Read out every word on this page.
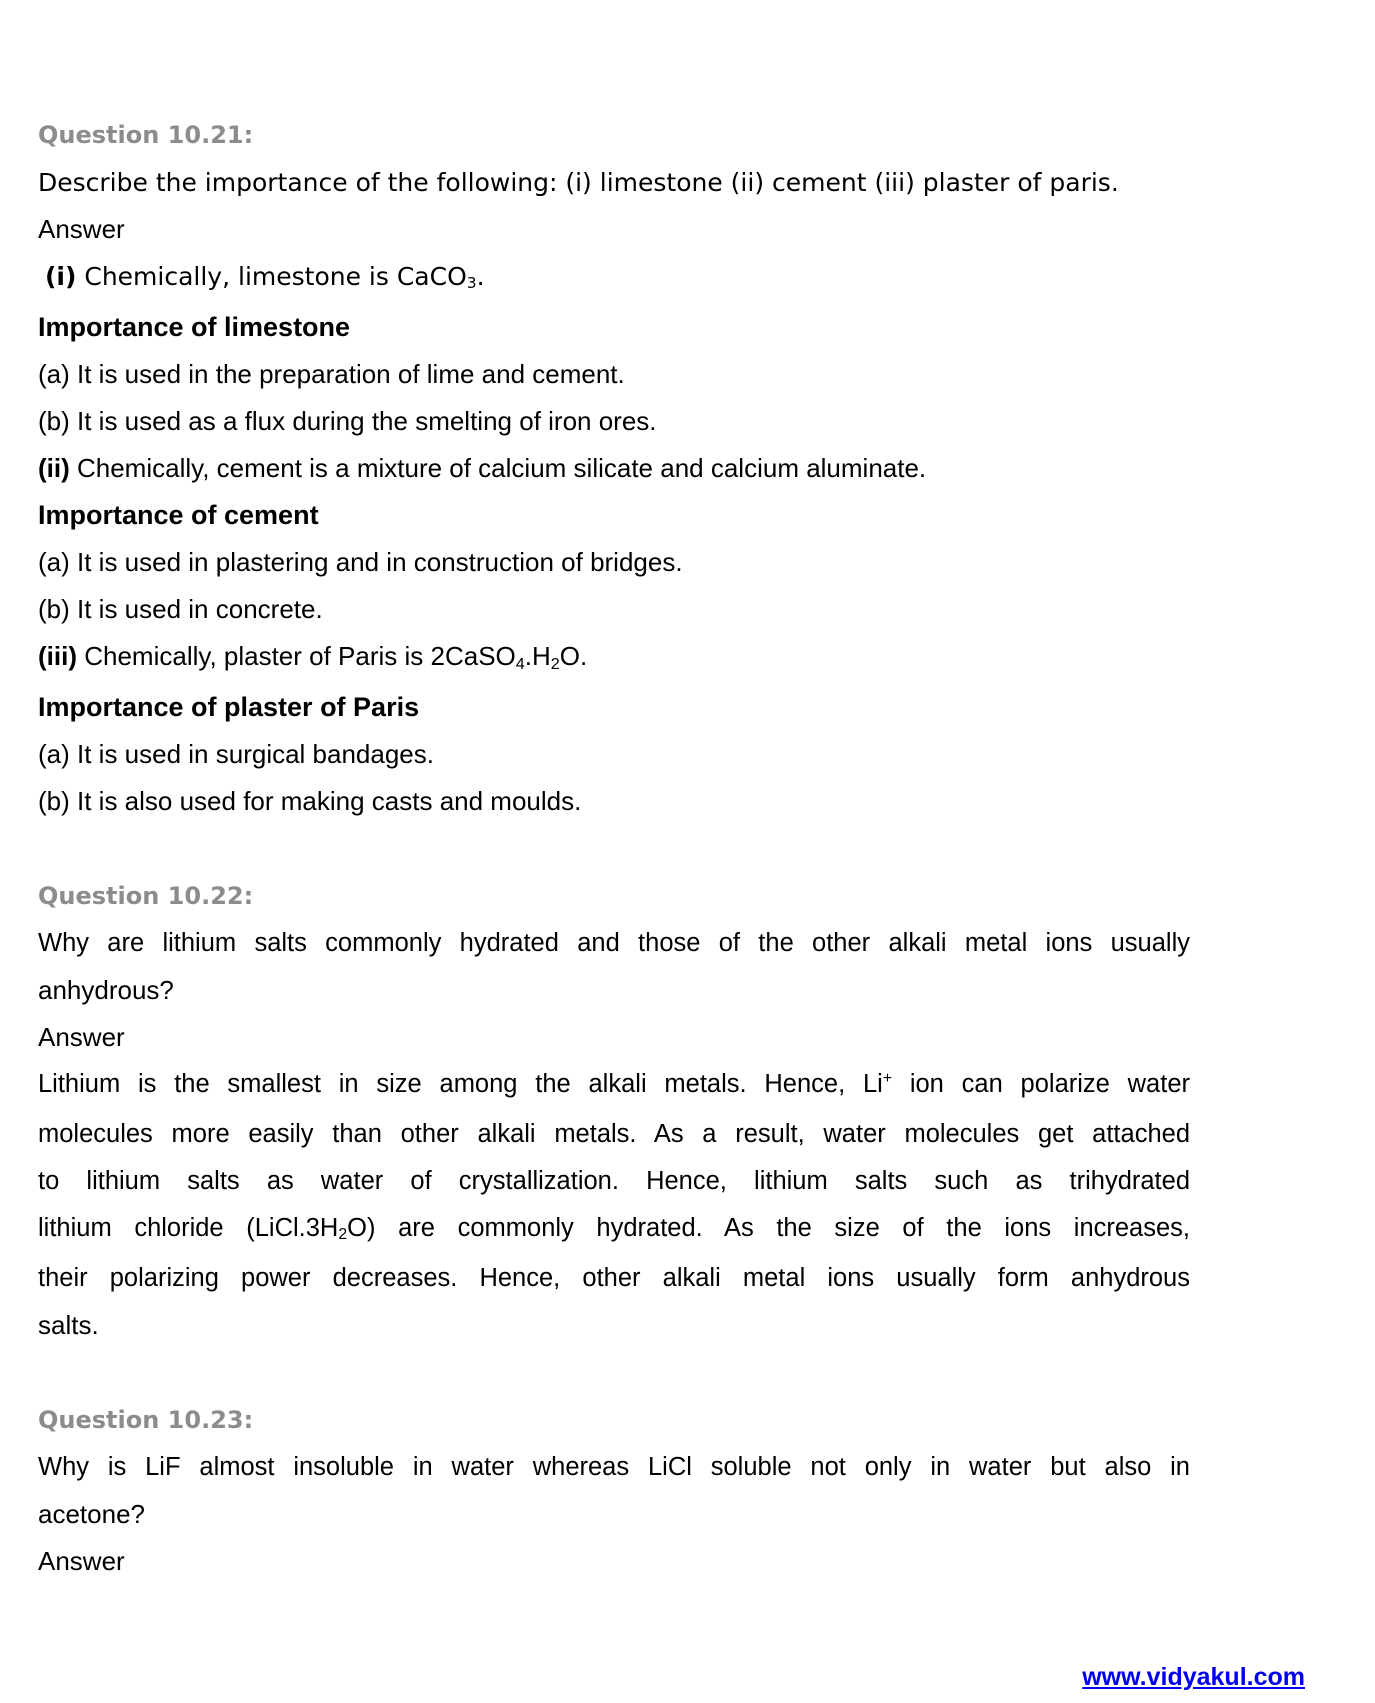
Question 10.21:
Describe the importance of the following: (i) limestone (ii) cement (iii) plaster of paris.
Answer
(i) Chemically, limestone is CaCO$_3$.
Importance of limestone
(a) It is used in the preparation of lime and cement.
(b) It is used as a flux during the smelting of iron ores.
(ii) Chemically, cement is a mixture of calcium silicate and calcium aluminate.
Importance of cement
(a) It is used in plastering and in construction of bridges.
(b) It is used in concrete.
(iii) Chemically, plaster of Paris is $2CaSO_4.H_2O$.
Importance of plaster of Paris
(a) It is used in surgical bandages.
(b) It is also used for making casts and moulds.
Question 10.22:
Why are lithium salts commonly hydrated and those of the other alkali metal ions usually
anhydrous?
Answer
Lithium is the smallest in size among the alkali metals. Hence, Li+ ion can polarize water
molecules more easily than other alkali metals. As a result, water molecules get attached
to lithium salts as water of crystallization. Hence, lithium salts such as trihydrated
lithium chloride $(LiCl.3H_2O)$ are commonly hydrated. As the size of the ions increases,
their polarizing power decreases. Hence, other alkali metal ions usually form anhydrous
salts.
Question 10.23:
Why is LiF almost insoluble in water whereas LiCl soluble not only in water but also in
acetone?
Answer
www.vidyakul.com
